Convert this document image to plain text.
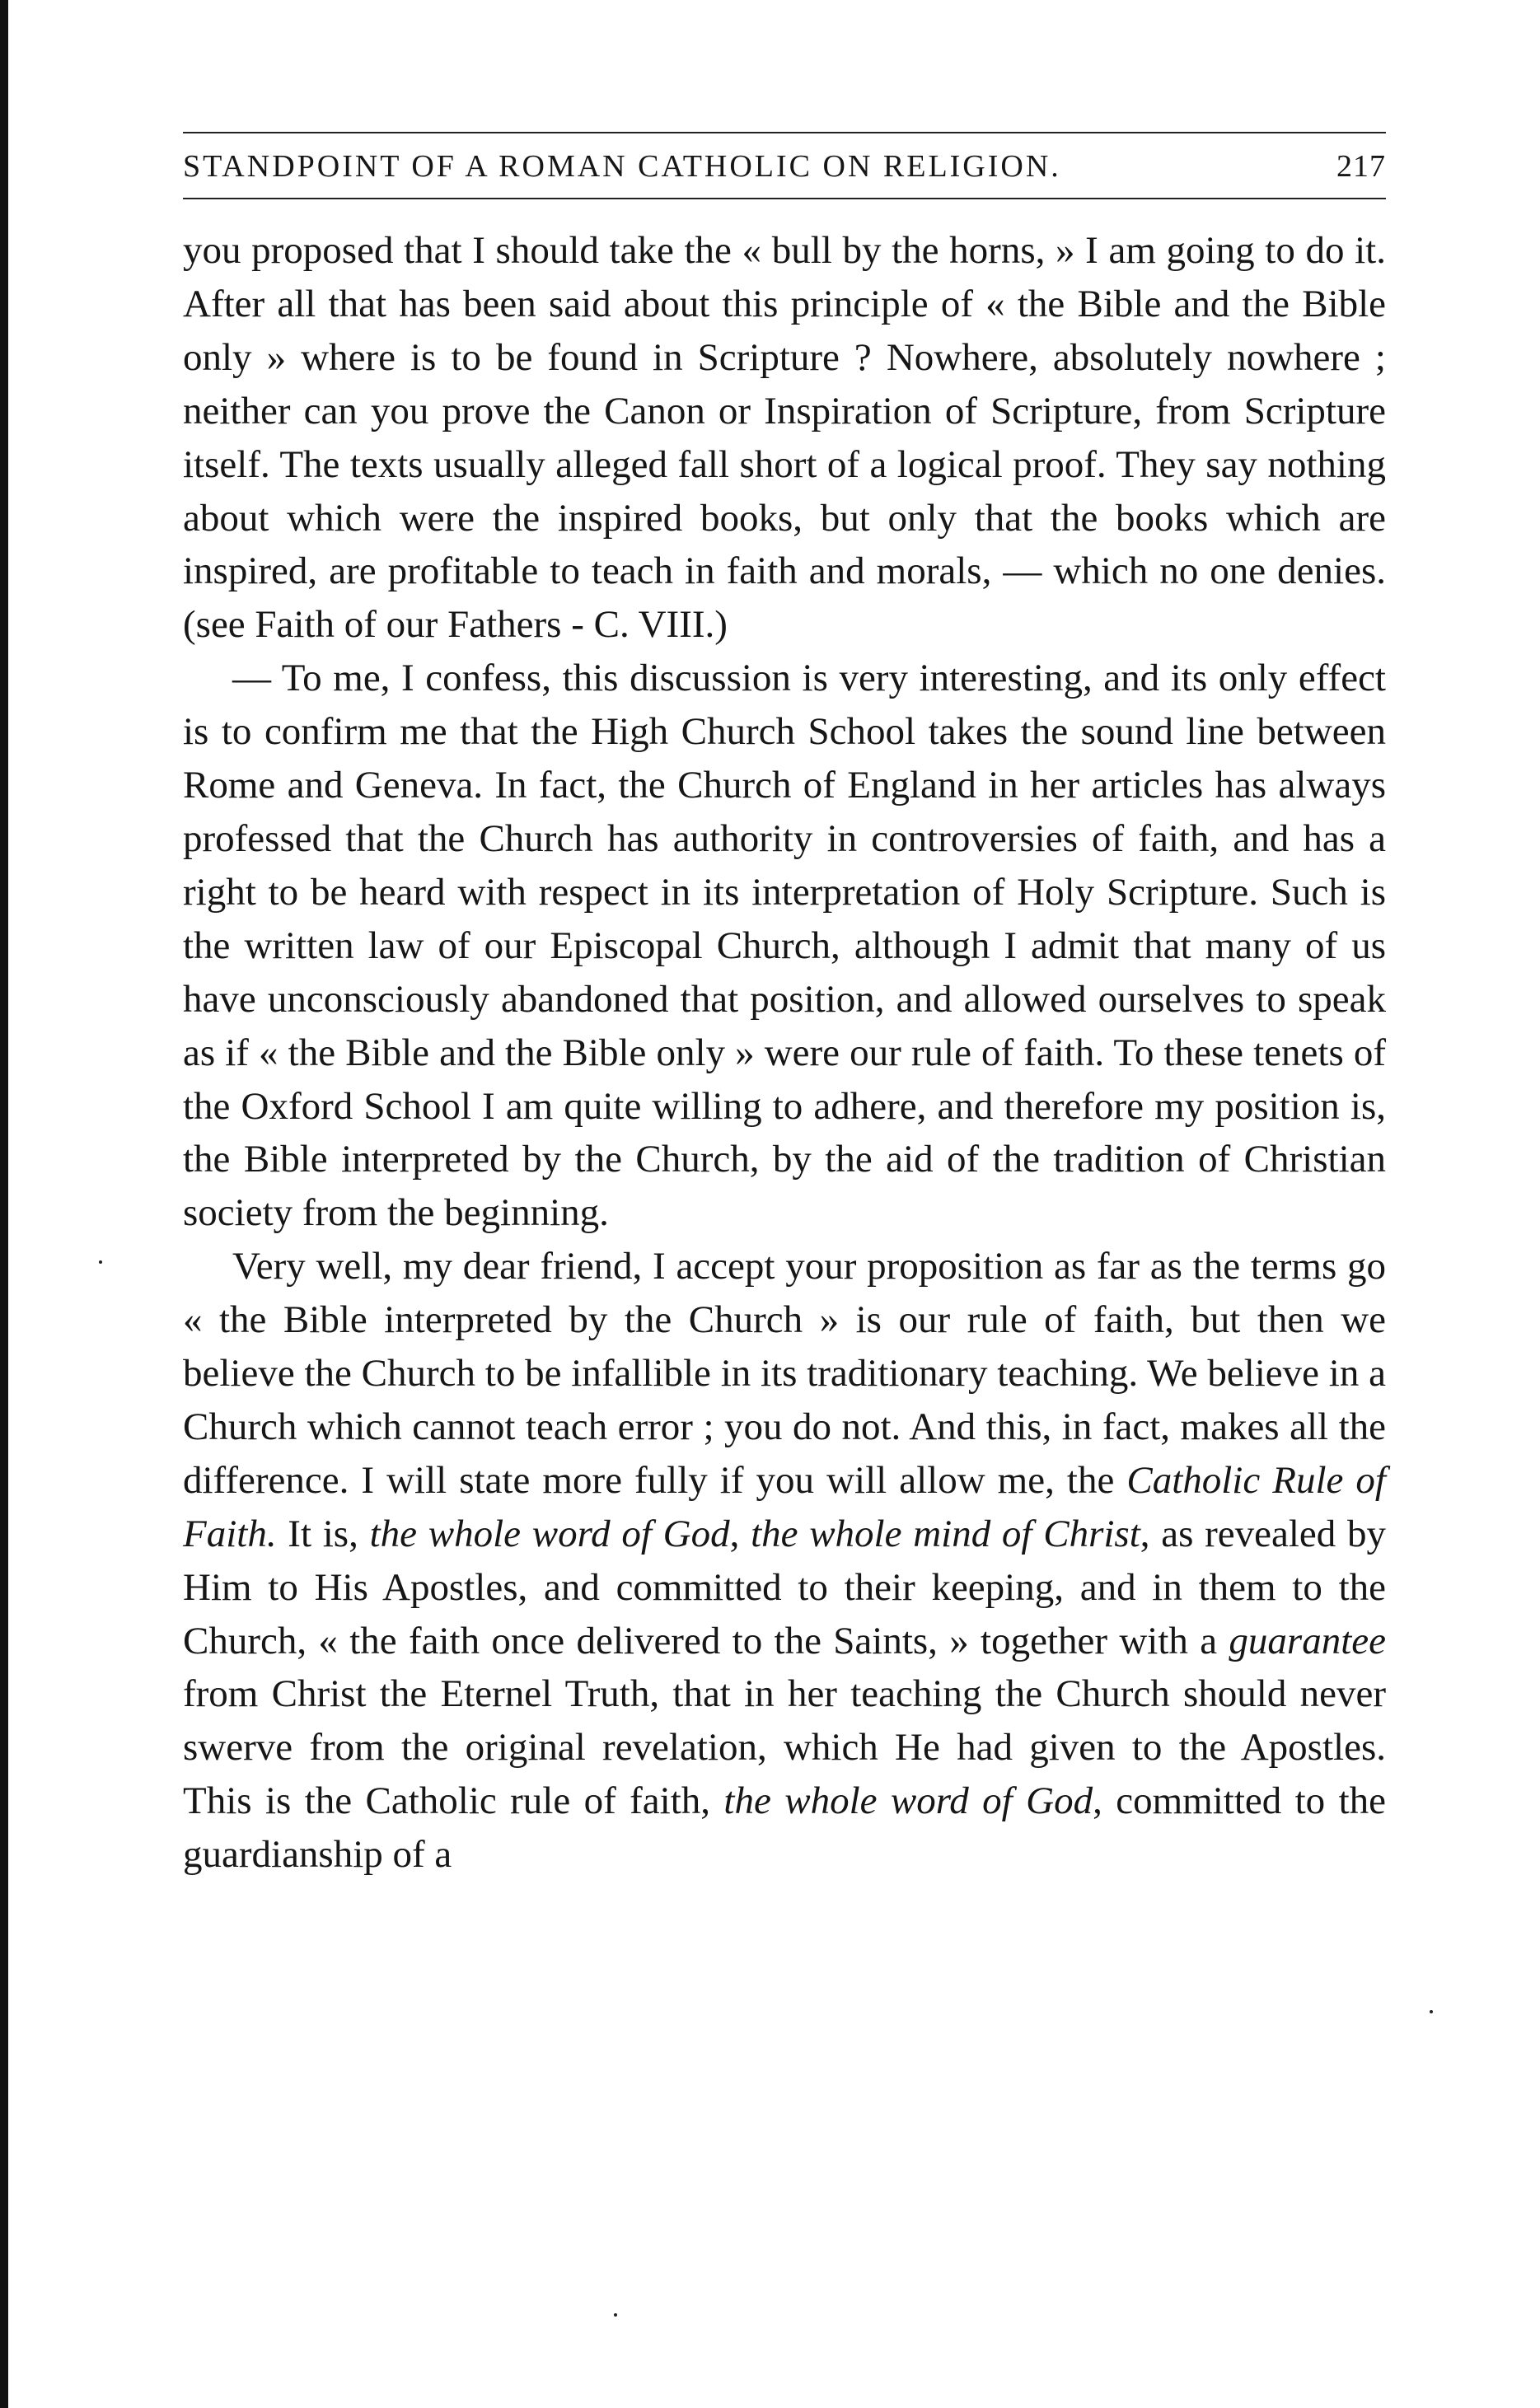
STANDPOINT OF A ROMAN CATHOLIC ON RELIGION.	217

you proposed that I should take the « bull by the horns, » I am going to do it. After all that has been said about this principle of « the Bible and the Bible only » where is to be found in Scripture ? Nowhere, absolutely nowhere ; neither can you prove the Canon or Inspiration of Scripture, from Scripture itself. The texts usually alleged fall short of a logical proof. They say nothing about which were the inspired books, but only that the books which are inspired, are profitable to teach in faith and morals, — which no one denies. (see Faith of our Fathers - C. VIII.)

— To me, I confess, this discussion is very interesting, and its only effect is to confirm me that the High Church School takes the sound line between Rome and Geneva. In fact, the Church of England in her articles has always professed that the Church has authority in controversies of faith, and has a right to be heard with respect in its interpretation of Holy Scripture. Such is the written law of our Episcopal Church, although I admit that many of us have unconsciously abandoned that position, and allowed ourselves to speak as if « the Bible and the Bible only » were our rule of faith. To these tenets of the Oxford School I am quite willing to adhere, and therefore my position is, the Bible interpreted by the Church, by the aid of the tradition of Christian society from the beginning.

Very well, my dear friend, I accept your proposition as far as the terms go « the Bible interpreted by the Church » is our rule of faith, but then we believe the Church to be infallible in its traditionary teaching. We believe in a Church which cannot teach error ; you do not. And this, in fact, makes all the difference. I will state more fully if you will allow me, the Catholic Rule of Faith. It is, the whole word of God, the whole mind of Christ, as revealed by Him to His Apostles, and committed to their keeping, and in them to the Church, « the faith once delivered to the Saints, » together with a guarantee from Christ the Eternel Truth, that in her teaching the Church should never swerve from the original revelation, which He had given to the Apostles. This is the Catholic rule of faith, the whole word of God, committed to the guardianship of a
